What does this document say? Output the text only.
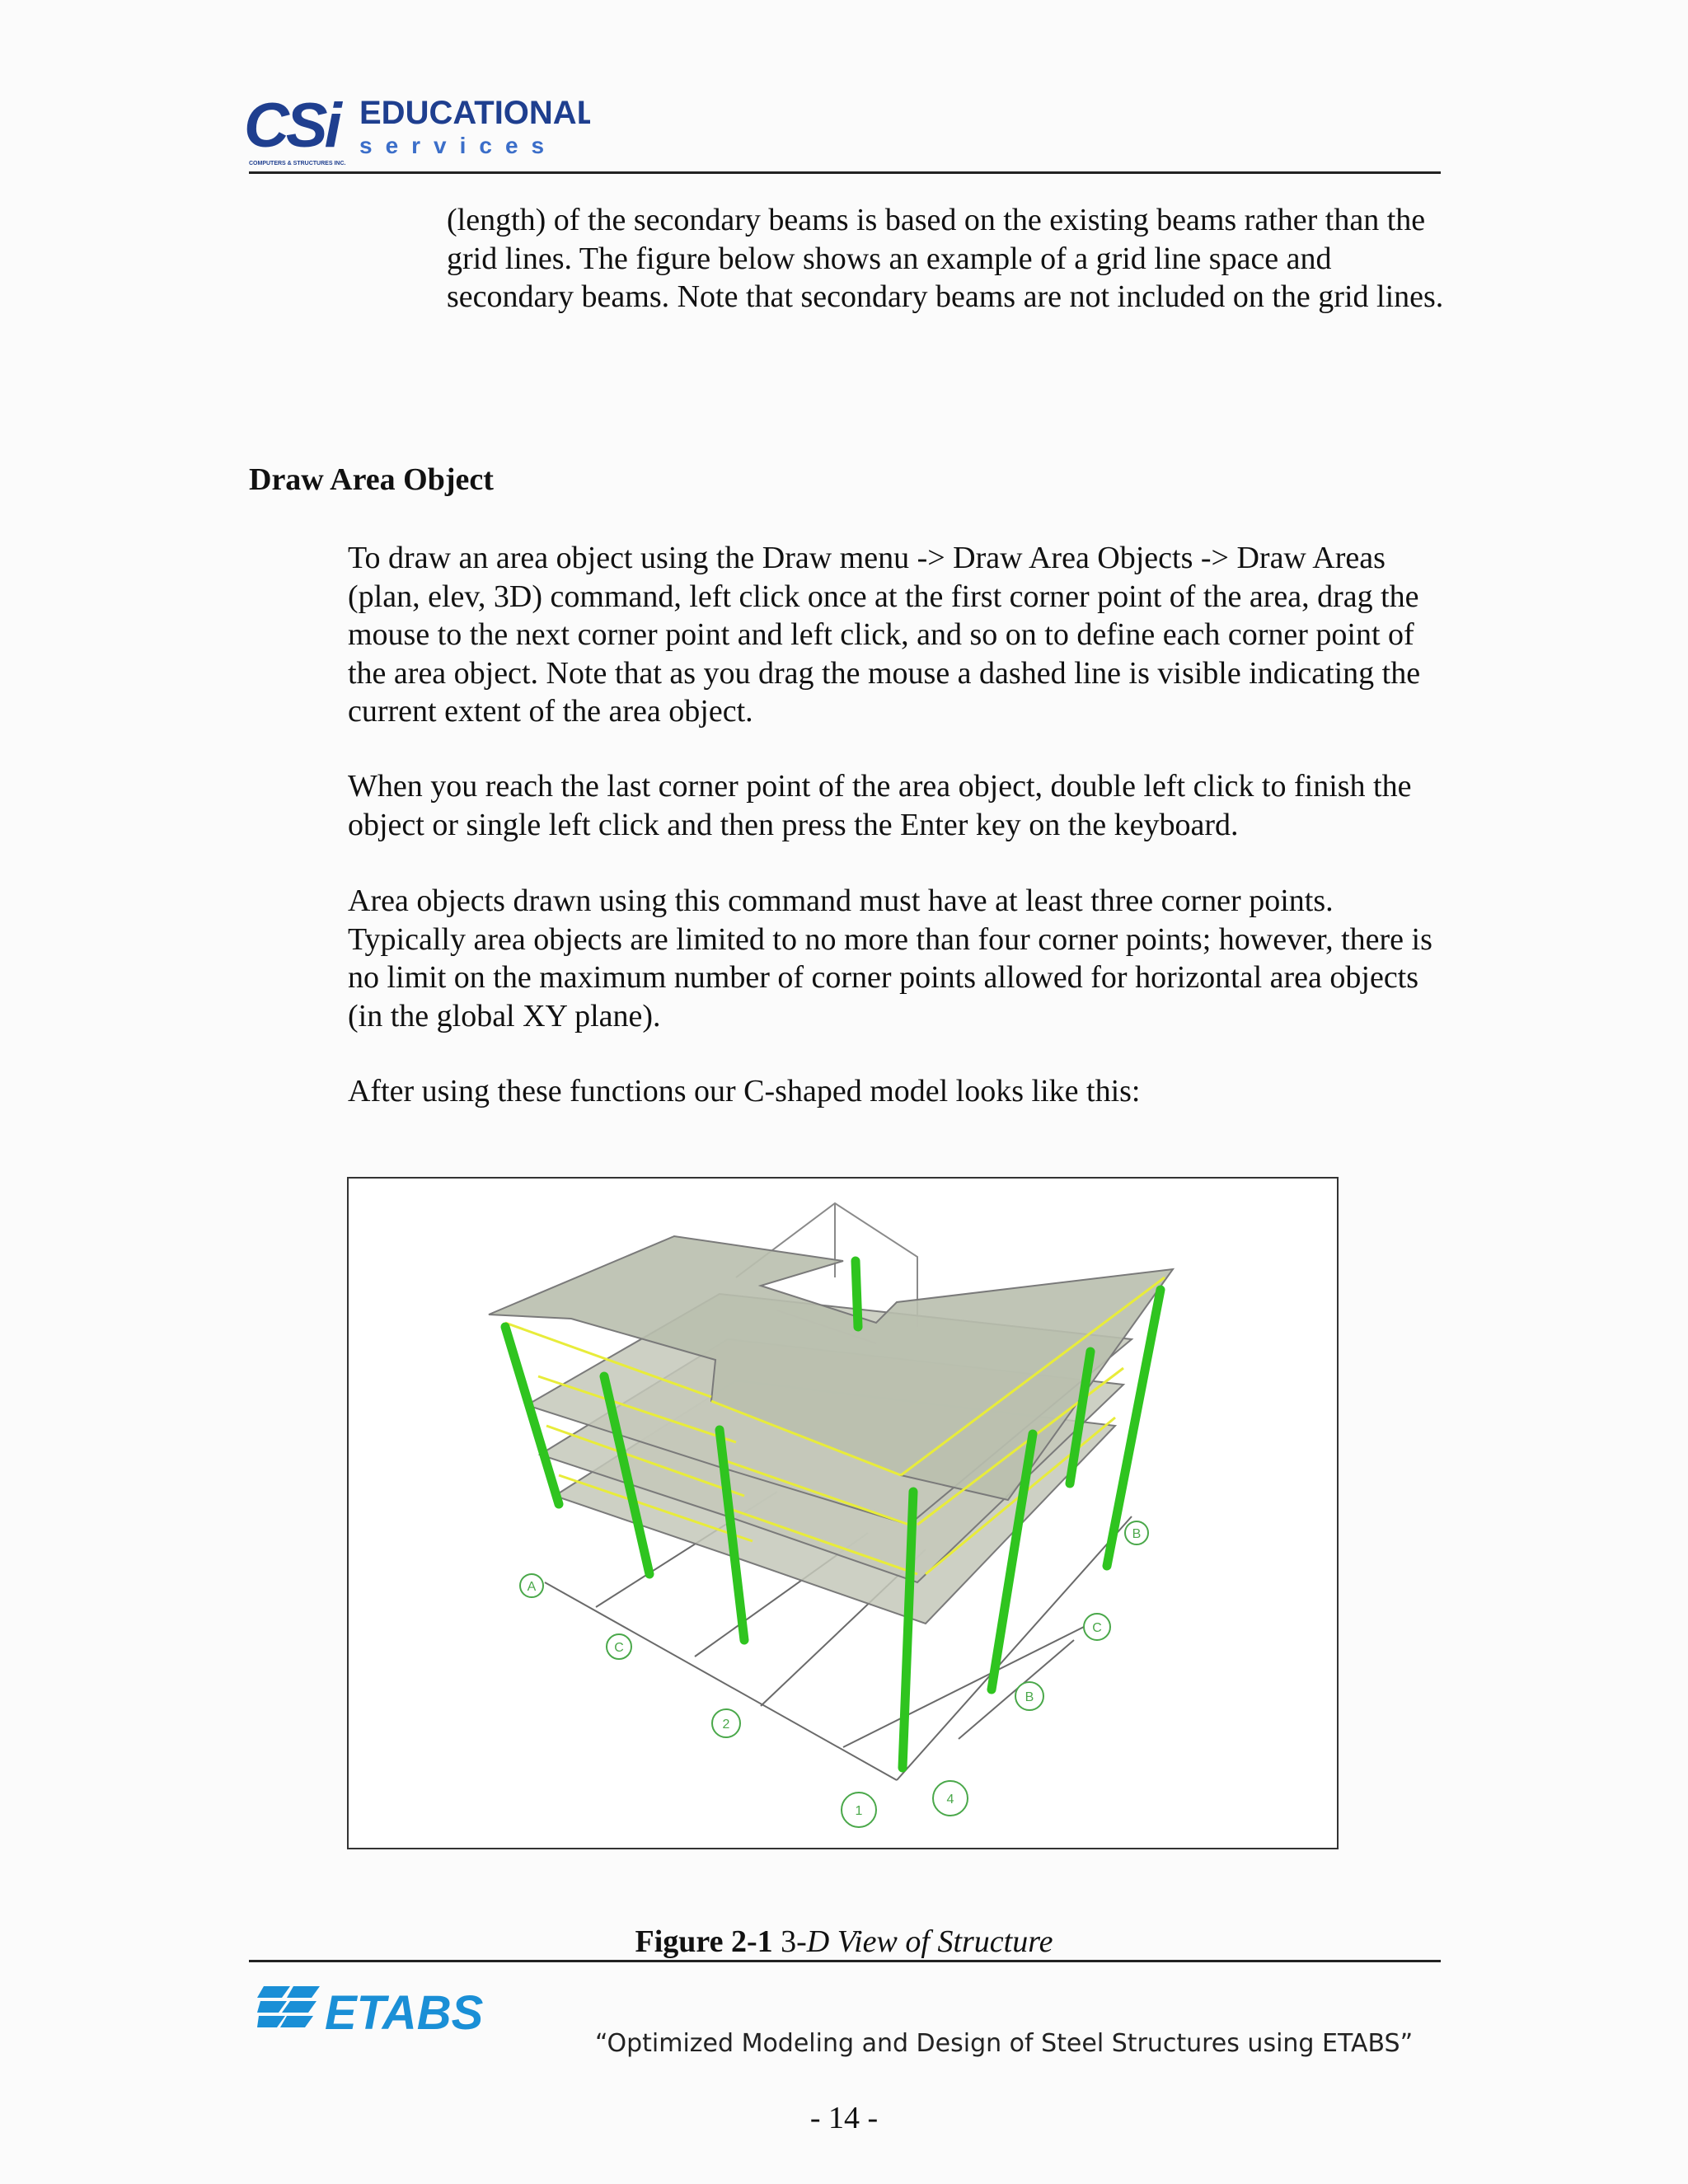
CSi EDUCATIONAL
services
COMPUTERS & STRUCTURES INC.

(length) of the secondary beams is based on the existing beams rather than the grid lines. The figure below shows an example of a grid line space and secondary beams. Note that secondary beams are not included on the grid lines.

Draw Area Object

To draw an area object using the Draw menu -> Draw Area Objects -> Draw Areas (plan, elev, 3D) command, left click once at the first corner point of the area, drag the mouse to the next corner point and left click, and so on to define each corner point of the area object. Note that as you drag the mouse a dashed line is visible indicating the current extent of the area object.

When you reach the last corner point of the area object, double left click to finish the object or single left click and then press the Enter key on the keyboard.

Area objects drawn using this command must have at least three corner points. Typically area objects are limited to no more than four corner points; however, there is no limit on the maximum number of corner points allowed for horizontal area objects (in the global XY plane).

After using these functions our C-shaped model looks like this:

A
C
2
1
4
B
C
B
Figure 2-1 3-D View of Structure
ETABS
“Optimized Modeling and Design of Steel Structures using ETABS”
- 14 -
